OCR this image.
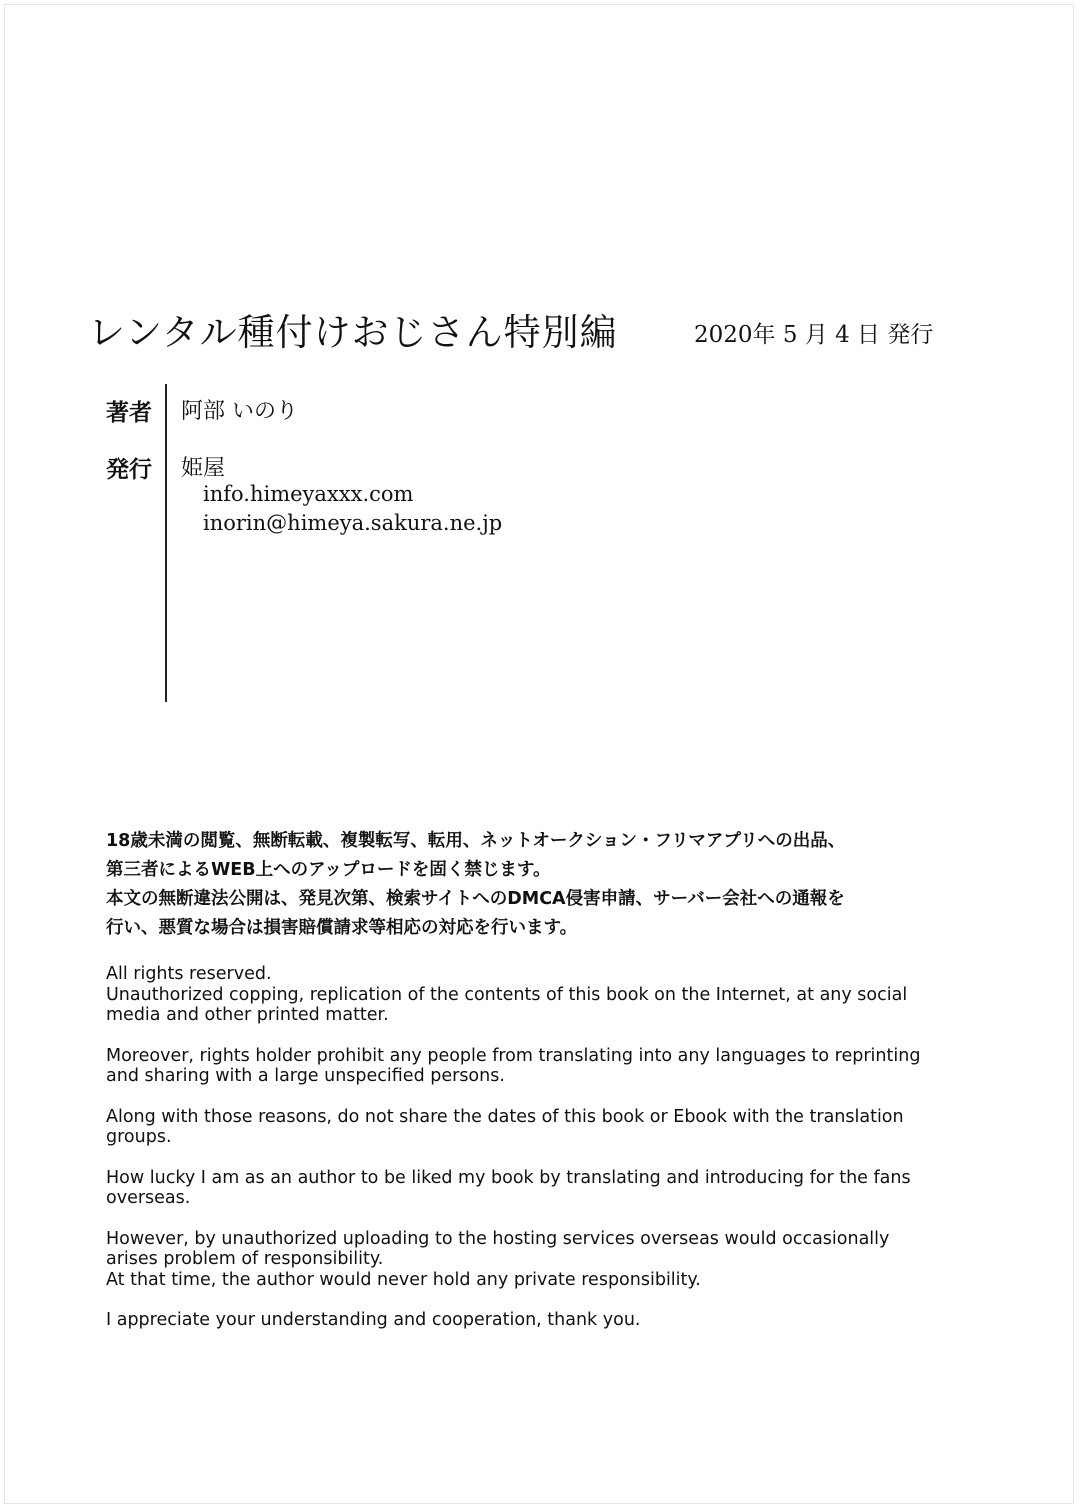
レンタル種付けおじさん特別編	2020年 5 月 4 日 発行
著者 阿部 いのり
発行 姫屋
info.himeyaxxx.com
inorin@himeya.sakura.ne.jp

18歳未満の閲覧、無断転載、複製転写、転用、ネットオークション・フリマアプリへの出品、

第三者によるWEB上へのアップロードを固く禁じます。

本文の無断違法公開は、発見次第、検索サイトへのDMCA侵害申請、サーバー会社への通報を

行い、悪質な場合は損害賠償請求等相応の対応を行います。

All rights reserved.

Unauthorized copping, replication of the contents of this book on the Internet, at any social

media and other printed matter.

Moreover, rights holder prohibit any people from translating into any languages to reprinting

and sharing with a large unspecified persons.

Along with those reasons, do not share the dates of this book or Ebook with the translation

groups.

How lucky I am as an author to be liked my book by translating and introducing for the fans

overseas.

However, by unauthorized uploading to the hosting services overseas would occasionally

arises problem of responsibility.

At that time, the author would never hold any private responsibility.

I appreciate your understanding and cooperation, thank you.
